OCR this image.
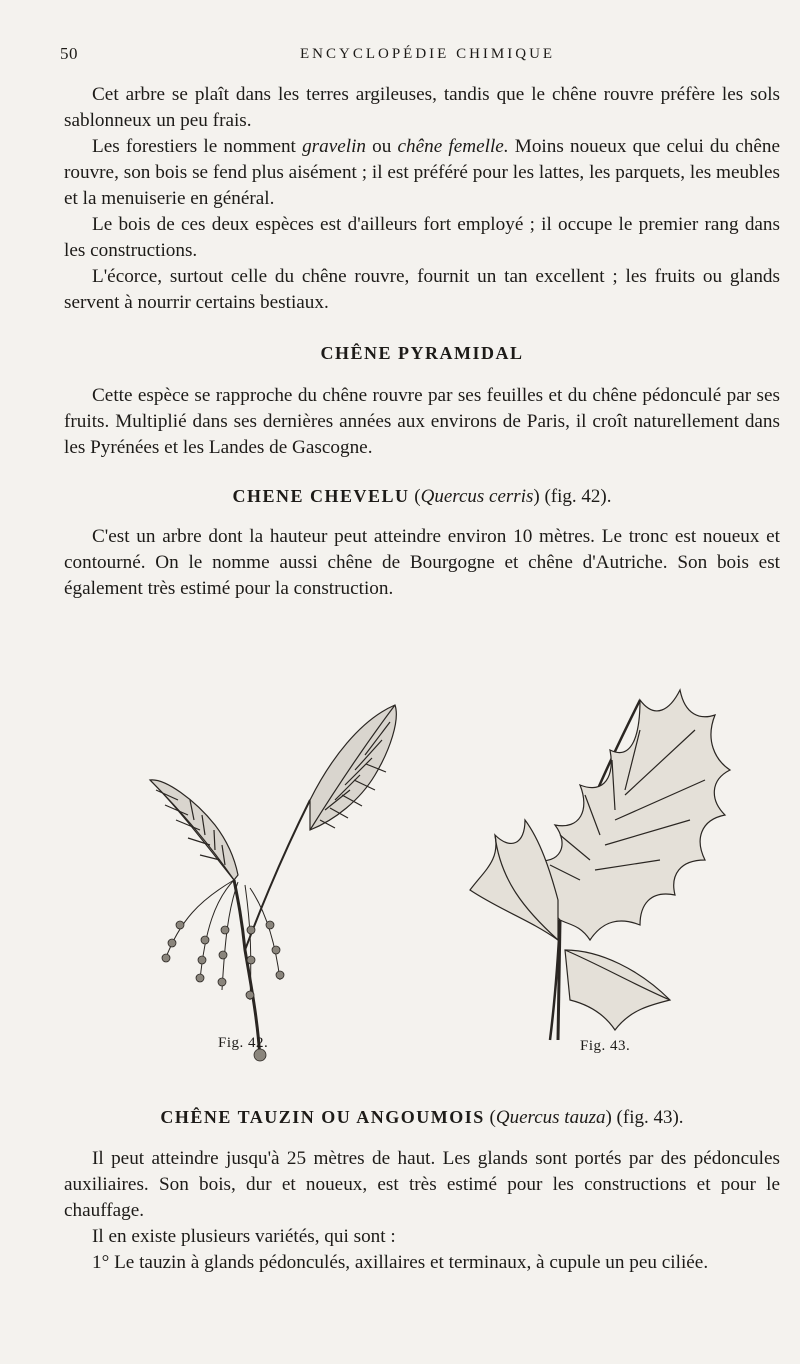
50	ENCYCLOPÉDIE CHIMIQUE

Cet arbre se plaît dans les terres argileuses, tandis que le chêne rouvre préfère les sols sablonneux un peu frais.

Les forestiers le nomment gravelin ou chêne femelle. Moins noueux que celui du chêne rouvre, son bois se fend plus aisément ; il est préféré pour les lattes, les parquets, les meubles et la menuiserie en général.

Le bois de ces deux espèces est d'ailleurs fort employé ; il occupe le premier rang dans les constructions.

L'écorce, surtout celle du chêne rouvre, fournit un tan excellent ; les fruits ou glands servent à nourrir certains bestiaux.

CHÊNE PYRAMIDAL

Cette espèce se rapproche du chêne rouvre par ses feuilles et du chêne pédonculé par ses fruits. Multiplié dans ses dernières années aux environs de Paris, il croît naturellement dans les Pyrénées et les Landes de Gascogne.

CHENE CHEVELU (Quercus cerris) (fig. 42).

C'est un arbre dont la hauteur peut atteindre environ 10 mètres. Le tronc est noueux et contourné. On le nomme aussi chêne de Bourgogne et chêne d'Autriche. Son bois est également très estimé pour la construction.

Fig. 42.	Fig. 43.
CHÊNE TAUZIN OU ANGOUMOIS (Quercus tauza) (fig. 43).

Il peut atteindre jusqu'à 25 mètres de haut. Les glands sont portés par des pédoncules auxiliaires. Son bois, dur et noueux, est très estimé pour les constructions et pour le chauffage.

Il en existe plusieurs variétés, qui sont :

1° Le tauzin à glands pédonculés, axillaires et terminaux, à cupule un peu ciliée.
